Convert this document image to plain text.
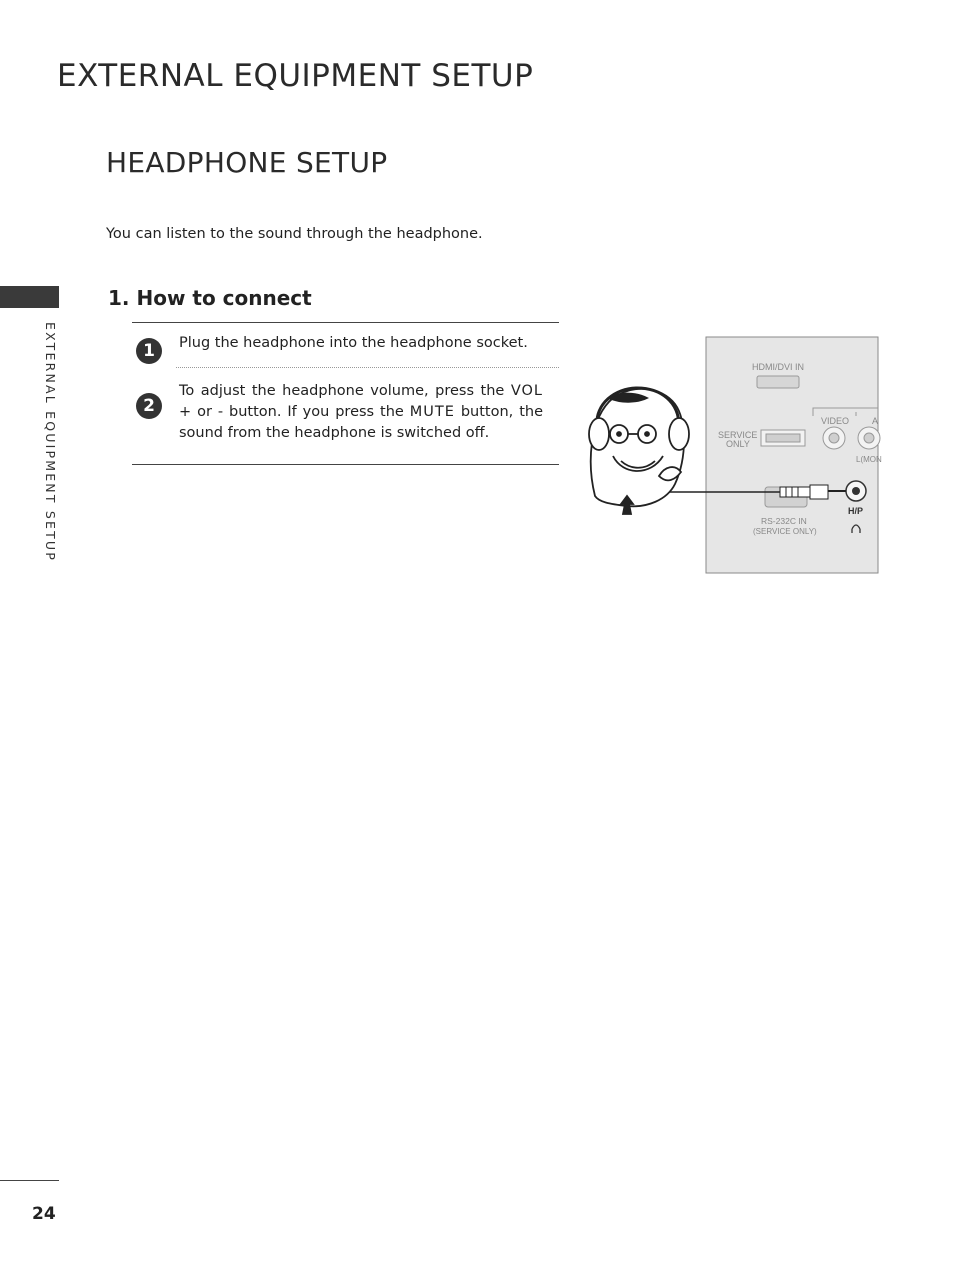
EXTERNAL EQUIPMENT SETUP
HEADPHONE SETUP
You can listen to the sound through the headphone.
EXTERNAL EQUIPMENT SETUP
1. How to connect
1	Plug the headphone into the headphone socket.
2
To adjust the headphone volume, press the VOL + or - button. If you press the MUTE button, the sound from the headphone is switched off.
HDMI/DVI IN
SERVICE
ONLY
VIDEO	A
L(MON
RS-232C IN
(SERVICE ONLY)
H/P
24
